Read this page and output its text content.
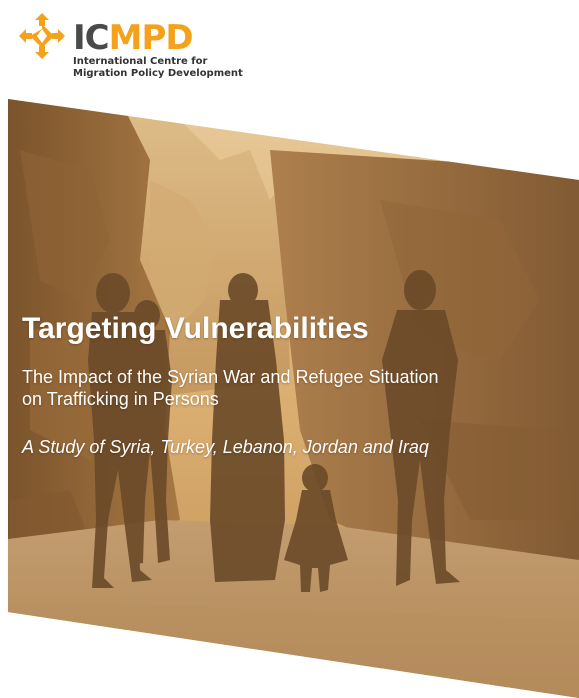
ICMPD
International Centre for
Migration Policy Development
Targeting Vulnerabilities
The Impact of the Syrian War and Refugee Situation
on Trafficking in Persons
A Study of Syria, Turkey, Lebanon, Jordan and Iraq
